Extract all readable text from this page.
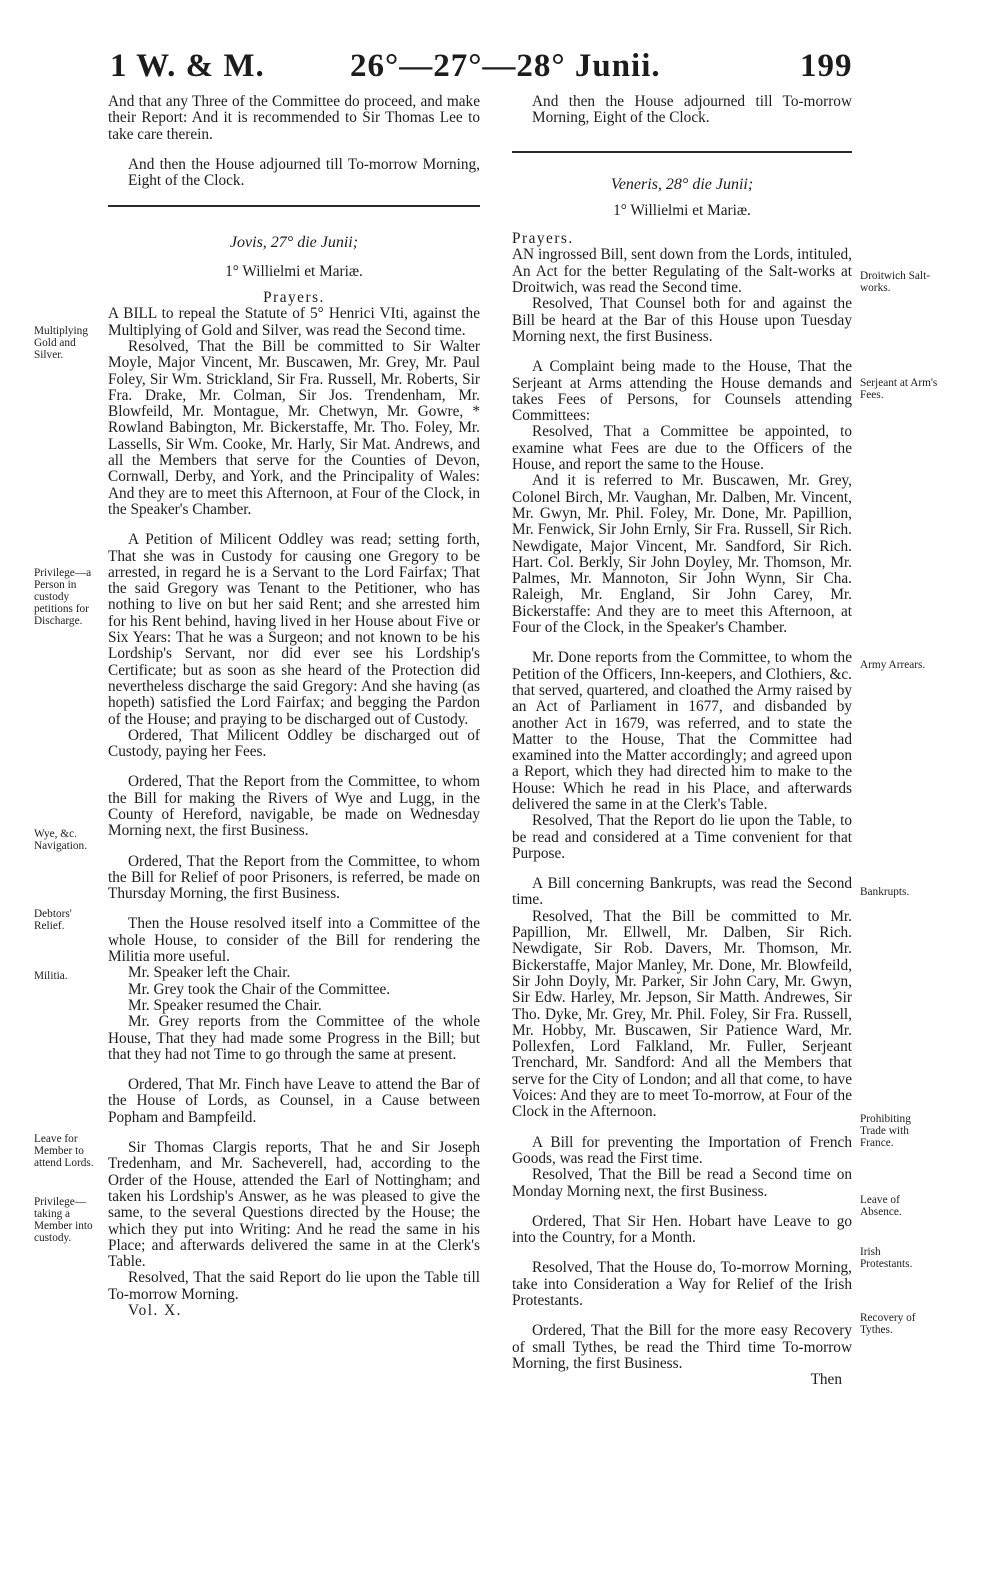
1 W. & M.	26°—27°—28° Junii.	199

And that any Three of the Committee do proceed, and make their Report: And it is recommended to Sir Thomas Lee to take care therein.

And then the House adjourned till To-morrow Morning, Eight of the Clock.

Jovis, 27° die Junii;

1° Willielmi et Mariæ.

Prayers.

A BILL to repeal the Statute of 5° Henrici VIti, against the Multiplying of Gold and Silver, was read the Second time.

Resolved, That the Bill be committed to Sir Walter Moyle, Major Vincent, Mr. Buscawen, Mr. Grey, Mr. Paul Foley, Sir Wm. Strickland, Sir Fra. Russell, Mr. Roberts, Sir Fra. Drake, Mr. Colman, Sir Jos. Trendenham, Mr. Blowfeild, Mr. Montague, Mr. Chetwyn, Mr. Gowre, * Rowland Babington, Mr. Bickerstaffe, Mr. Tho. Foley, Mr. Lassells, Sir Wm. Cooke, Mr. Harly, Sir Mat. Andrews, and all the Members that serve for the Counties of Devon, Cornwall, Derby, and York, and the Principality of Wales: And they are to meet this Afternoon, at Four of the Clock, in the Speaker's Chamber.

A Petition of Milicent Oddley was read; setting forth, That she was in Custody for causing one Gregory to be arrested, in regard he is a Servant to the Lord Fairfax; That the said Gregory was Tenant to the Petitioner, who has nothing to live on but her said Rent; and she arrested him for his Rent behind, having lived in her House about Five or Six Years: That he was a Surgeon; and not known to be his Lordship's Servant, nor did ever see his Lordship's Certificate; but as soon as she heard of the Protection did nevertheless discharge the said Gregory: And she having (as hopeth) satisfied the Lord Fairfax; and begging the Pardon of the House; and praying to be discharged out of Custody.

Ordered, That Milicent Oddley be discharged out of Custody, paying her Fees.

Ordered, That the Report from the Committee, to whom the Bill for making the Rivers of Wye and Lugg, in the County of Hereford, navigable, be made on Wednesday Morning next, the first Business.

Ordered, That the Report from the Committee, to whom the Bill for Relief of poor Prisoners, is referred, be made on Thursday Morning, the first Business.

Then the House resolved itself into a Committee of the whole House, to consider of the Bill for rendering the Militia more useful.

Mr. Speaker left the Chair.

Mr. Grey took the Chair of the Committee.

Mr. Speaker resumed the Chair.

Mr. Grey reports from the Committee of the whole House, That they had made some Progress in the Bill; but that they had not Time to go through the same at present.

Ordered, That Mr. Finch have Leave to attend the Bar of the House of Lords, as Counsel, in a Cause between Popham and Bampfeild.

Sir Thomas Clargis reports, That he and Sir Joseph Tredenham, and Mr. Sacheverell, had, according to the Order of the House, attended the Earl of Nottingham; and taken his Lordship's Answer, as he was pleased to give the same, to the several Questions directed by the House; the which they put into Writing: And he read the same in his Place; and afterwards delivered the same in at the Clerk's Table.

Resolved, That the said Report do lie upon the Table till To-morrow Morning.

Vol. X.

And then the House adjourned till To-morrow Morning, Eight of the Clock.

Veneris, 28° die Junii;

1° Willielmi et Mariæ.

Prayers.

AN ingrossed Bill, sent down from the Lords, intituled, An Act for the better Regulating of the Salt-works at Droitwich, was read the Second time.

Resolved, That Counsel both for and against the Bill be heard at the Bar of this House upon Tuesday Morning next, the first Business.

A Complaint being made to the House, That the Serjeant at Arms attending the House demands and takes Fees of Persons, for Counsels attending Committees:

Resolved, That a Committee be appointed, to examine what Fees are due to the Officers of the House, and report the same to the House.

And it is referred to Mr. Buscawen, Mr. Grey, Colonel Birch, Mr. Vaughan, Mr. Dalben, Mr. Vincent, Mr. Gwyn, Mr. Phil. Foley, Mr. Done, Mr. Papillion, Mr. Fenwick, Sir John Ernly, Sir Fra. Russell, Sir Rich. Newdigate, Major Vincent, Mr. Sandford, Sir Rich. Hart. Col. Berkly, Sir John Doyley, Mr. Thomson, Mr. Palmes, Mr. Mannoton, Sir John Wynn, Sir Cha. Raleigh, Mr. England, Sir John Carey, Mr. Bickerstaffe: And they are to meet this Afternoon, at Four of the Clock, in the Speaker's Chamber.

Mr. Done reports from the Committee, to whom the Petition of the Officers, Inn-keepers, and Clothiers, &c. that served, quartered, and cloathed the Army raised by an Act of Parliament in 1677, and disbanded by another Act in 1679, was referred, and to state the Matter to the House, That the Committee had examined into the Matter accordingly; and agreed upon a Report, which they had directed him to make to the House: Which he read in his Place, and afterwards delivered the same in at the Clerk's Table.

Resolved, That the Report do lie upon the Table, to be read and considered at a Time convenient for that Purpose.

A Bill concerning Bankrupts, was read the Second time.

Resolved, That the Bill be committed to Mr. Papillion, Mr. Ellwell, Mr. Dalben, Sir Rich. Newdigate, Sir Rob. Davers, Mr. Thomson, Mr. Bickerstaffe, Major Manley, Mr. Done, Mr. Blowfeild, Sir John Doyly, Mr. Parker, Sir John Cary, Mr. Gwyn, Sir Edw. Harley, Mr. Jepson, Sir Matth. Andrewes, Sir Tho. Dyke, Mr. Grey, Mr. Phil. Foley, Sir Fra. Russell, Mr. Hobby, Mr. Buscawen, Sir Patience Ward, Mr. Pollexfen, Lord Falkland, Mr. Fuller, Serjeant Trenchard, Mr. Sandford: And all the Members that serve for the City of London; and all that come, to have Voices: And they are to meet To-morrow, at Four of the Clock in the Afternoon.

A Bill for preventing the Importation of French Goods, was read the First time.

Resolved, That the Bill be read a Second time on Monday Morning next, the first Business.

Ordered, That Sir Hen. Hobart have Leave to go into the Country, for a Month.

Resolved, That the House do, To-morrow Morning, take into Consideration a Way for Relief of the Irish Protestants.

Ordered, That the Bill for the more easy Recovery of small Tythes, be read the Third time To-morrow Morning, the first Business.

Then

Multiplying Gold and Silver.
Privilege—a Person in custody petitions for Discharge.
Wye, &c. Navigation.
Debtors' Relief.
Militia.
Leave for Member to attend Lords.
Privilege—taking a Member into custody.
Droitwich Salt-works.
Serjeant at Arm's Fees.
Army Arrears.
Bankrupts.
Prohibiting Trade with France.
Leave of Absence.
Irish Protestants.
Recovery of Tythes.
